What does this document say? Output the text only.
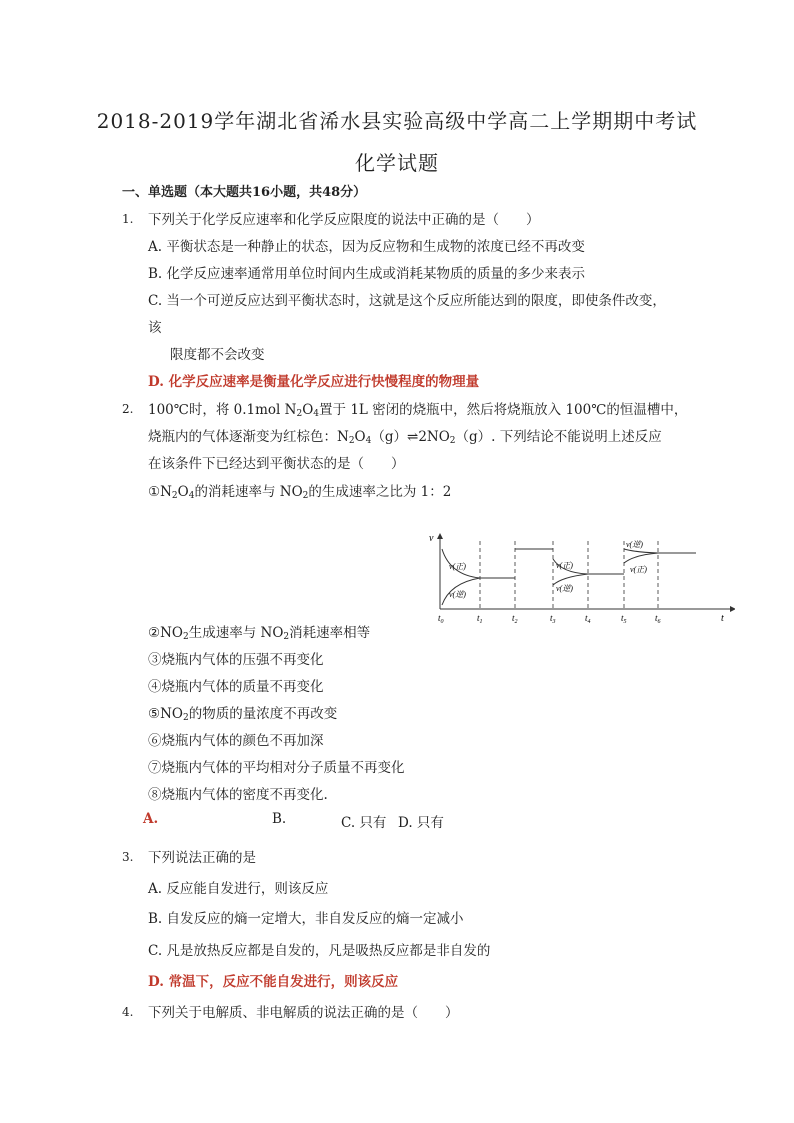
2018-2019学年湖北省浠水县实验高级中学高二上学期期中考试
化学试题
一、单选题（本大题共16小题，共48分）
1. 下列关于化学反应速率和化学反应限度的说法中正确的是（　　）
A. 平衡状态是一种静止的状态，因为反应物和生成物的浓度已经不再改变
B. 化学反应速率通常用单位时间内生成或消耗某物质的质量的多少来表示
C. 当一个可逆反应达到平衡状态时，这就是这个反应所能达到的限度，即使条件改变，
该
限度都不会改变
D. 化学反应速率是衡量化学反应进行快慢程度的物理量
2. 100℃时，将 0.1mol $N_2O_4$置于 1L 密闭的烧瓶中，然后将烧瓶放入 100℃的恒温槽中，
烧瓶内的气体逐渐变为红棕色：$N_2O_4(g)\rightleftharpoons 2NO_2(g)$. 下列结论不能说明上述反应
在该条件下已经达到平衡状态的是（　　）
$①N_2O_4$的消耗速率与 $NO_2$的生成速率之比为 1：2
v
t
v(正)
v(逆)
v(正)
v(逆)
v(逆)
v(正)
$t_0$	$t_1$	$t_2$	$t_3$	$t_4$	$t_5$	$t_6$
$②NO_2$生成速率与 $NO_2$消耗速率相等
③烧瓶内气体的压强不再变化
④烧瓶内气体的质量不再变化
$⑤NO_2$的物质的量浓度不再改变
⑥烧瓶内气体的颜色不再加深
⑦烧瓶内气体的平均相对分子质量不再变化
⑧烧瓶内气体的密度不再变化.
A.	B.	C. 只有 D. 只有
3. 下列说法正确的是
A. 反应能自发进行，则该反应
B. 自发反应的熵一定增大，非自发反应的熵一定减小
C. 凡是放热反应都是自发的，凡是吸热反应都是非自发的
D. 常温下，反应不能自发进行，则该反应
4. 下列关于电解质、非电解质的说法正确的是（　　）
